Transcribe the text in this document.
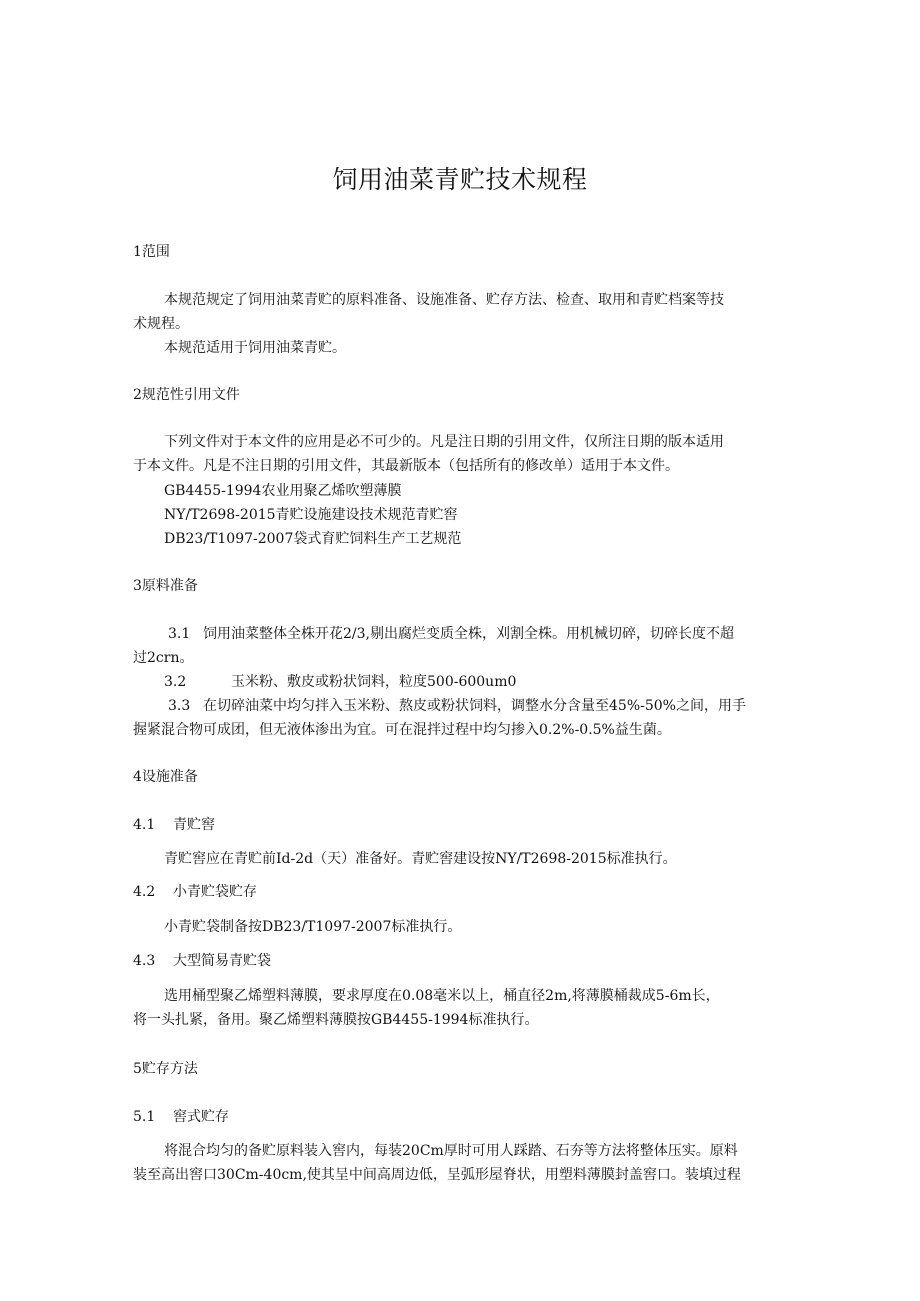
饲用油菜青贮技术规程

1范围

本规范规定了饲用油菜青贮的原料准备、设施准备、贮存方法、检查、取用和青贮档案等技

术规程。

本规范适用于饲用油菜青贮。

2规范性引用文件

下列文件对于本文件的应用是必不可少的。凡是注日期的引用文件，仅所注日期的版本适用

于本文件。凡是不注日期的引用文件，其最新版本（包括所有的修改单）适用于本文件。

GB4455-1994农业用聚乙烯吹塑薄膜

NY/T2698-2015青贮设施建设技术规范青贮窖

DB23/T1097-2007袋式育贮饲料生产工艺规范

3原料准备

3.1 饲用油菜整体全株开花2/3,剔出腐烂变质全株，刈割全株。用机械切碎，切碎长度不超

过2crn。

3.2	玉米粉、敷皮或粉状饲料，粒度500-600um0

3.3 在切碎油菜中均匀拌入玉米粉、熬皮或粉状饲料，调整水分含量至45%-50%之间，用手

握紧混合物可成团，但无液体渗出为宜。可在混拌过程中均匀掺入0.2%-0.5%益生菌。

4设施准备

4.1 青贮窖

青贮窖应在青贮前Id-2d（天）准备好。青贮窖建设按NY/T2698-2015标准执行。

4.2 小青贮袋贮存

小青贮袋制备按DB23/T1097-2007标准执行。

4.3 大型简易青贮袋

选用桶型聚乙烯塑料薄膜，要求厚度在0.08毫米以上，桶直径2m,将薄膜桶裁成5-6m长，

将一头扎紧，备用。聚乙烯塑料薄膜按GB4455-1994标准执行。

5贮存方法

5.1 窖式贮存

将混合均匀的备贮原料装入窖内，每装20Cm厚时可用人踩踏、石夯等方法将整体压实。原料

装至高出窖口30Cm-40cm,使其呈中间高周边低，呈弧形屋脊状，用塑料薄膜封盖窖口。装填过程
